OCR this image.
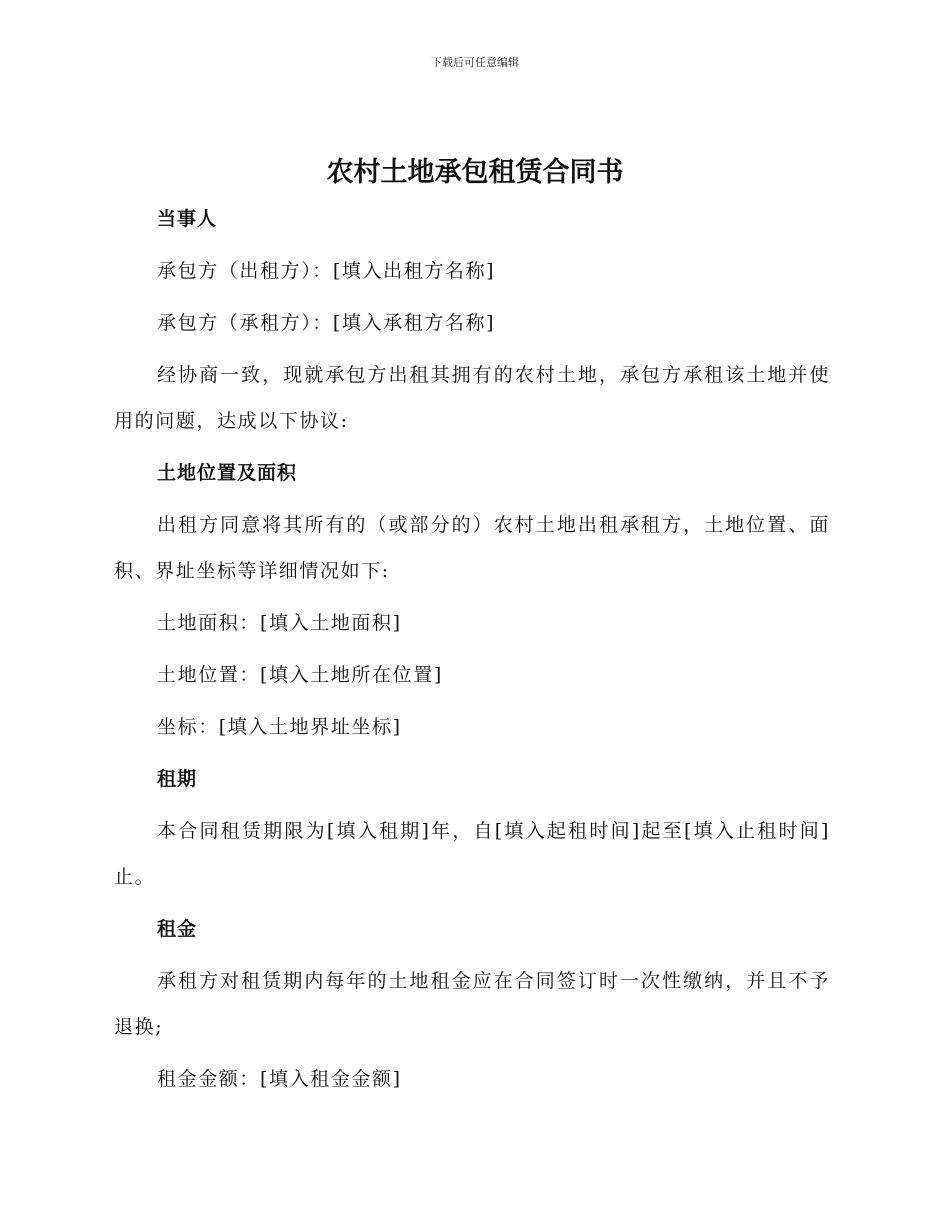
下载后可任意编辑
农村土地承包租赁合同书

当事人

承包方（出租方）：[填入出租方名称]

承包方（承租方）：[填入承租方名称]

经协商一致，现就承包方出租其拥有的农村土地，承包方承租该土地并使用的问题，达成以下协议:

土地位置及面积

出租方同意将其所有的（或部分的）农村土地出租承租方，土地位置、面积、界址坐标等详细情况如下:

土地面积：[填入土地面积]

土地位置：[填入土地所在位置]

坐标：[填入土地界址坐标]

租期

本合同租赁期限为[填入租期]年，自[填入起租时间]起至[填入止租时间]止。

租金

承租方对租赁期内每年的土地租金应在合同签订时一次性缴纳，并且不予退换;

租金金额：[填入租金金额]
